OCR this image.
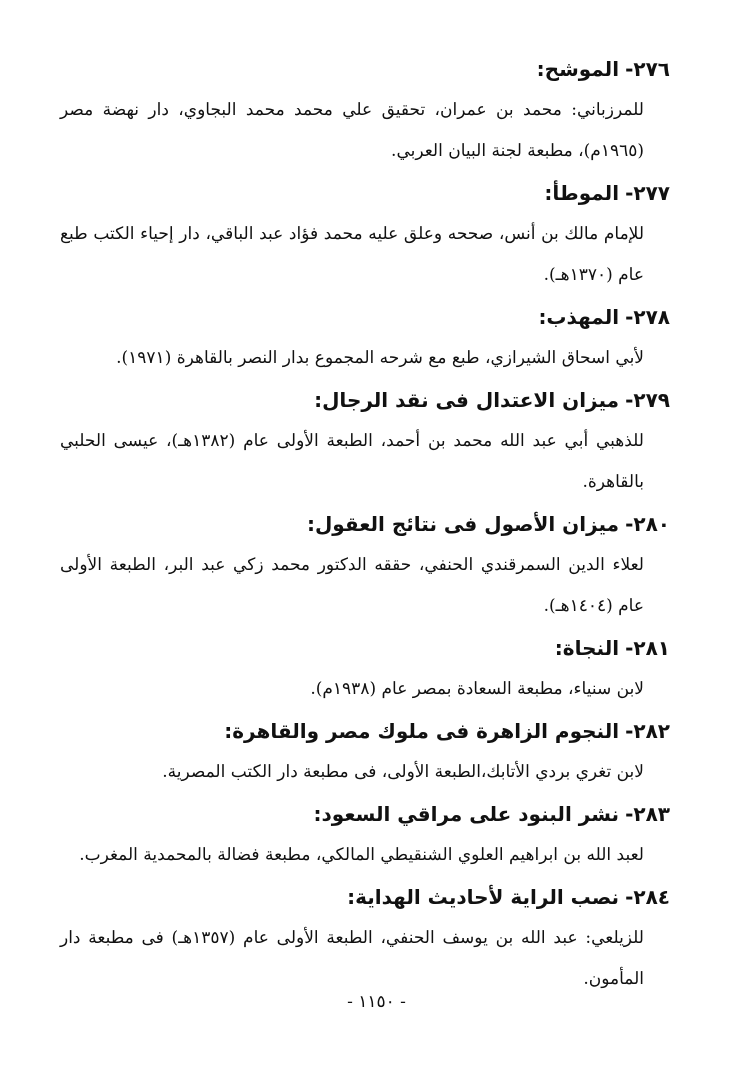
٢٧٦-الموشح:
للمرزباني: محمد بن عمران، تحقيق علي محمد محمد البجاوي، دار نهضة مصر (١٩٦٥م)، مطبعة لجنة البيان العربي.
٢٧٧-الموطأ:
للإمام مالك بن أنس، صححه وعلق عليه محمد فؤاد عبد الباقي، دار إحياء الكتب طبع عام (١٣٧٠هـ).
٢٧٨-المهذب:
لأبي اسحاق الشيرازي، طبع مع شرحه المجموع بدار النصر بالقاهرة (١٩٧١).
٢٧٩-ميزان الاعتدال فى نقد الرجال:
للذهبي أبي عبد الله محمد بن أحمد، الطبعة الأولى عام (١٣٨٢هـ)، عيسى الحلبي بالقاهرة.
٢٨٠-ميزان الأصول فى نتائج العقول:
لعلاء الدين السمرقندي الحنفي، حققه الدكتور محمد زكي عبد البر، الطبعة الأولى عام (١٤٠٤هـ).
٢٨١-النجاة:
لابن سنياء، مطبعة السعادة بمصر عام (١٩٣٨م).
٢٨٢-النجوم الزاهرة فى ملوك مصر والقاهرة:
لابن تغري بردي الأتابك،الطبعة الأولى، فى مطبعة دار الكتب المصرية.
٢٨٣-نشر البنود على مراقي السعود:
لعبد الله بن ابراهيم العلوي الشنقيطي المالكي، مطبعة فضالة بالمحمدية المغرب.
٢٨٤-نصب الراية لأحاديث الهداية:
للزيلعي: عبد الله بن يوسف الحنفي، الطبعة الأولى عام (١٣٥٧هـ) فى مطبعة دار المأمون.
- ١١٥٠ -
